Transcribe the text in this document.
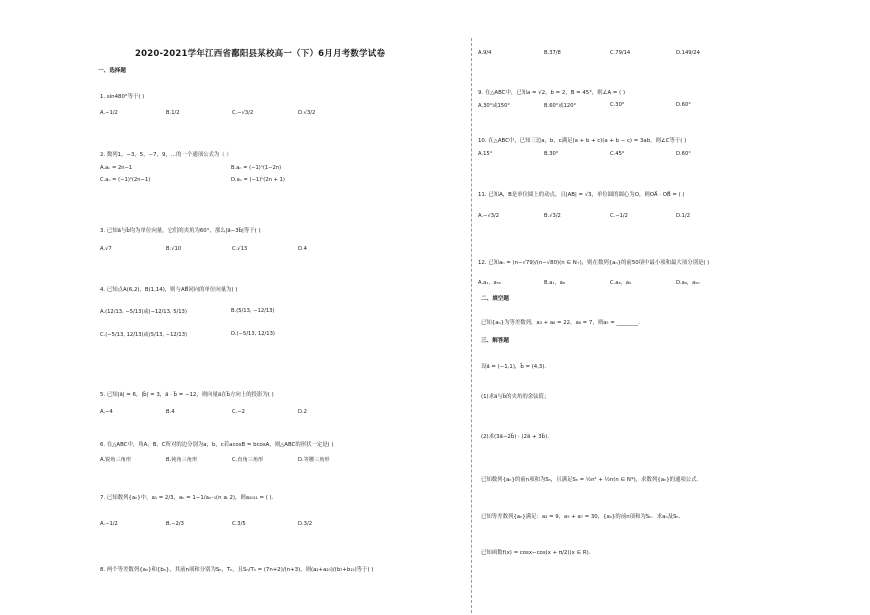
2020-2021学年江西省鄱阳县某校高一（下）6月月考数学试卷
一、选择题
1. sin480°等于( )
A.−1/2	B.1/2	C.−√3/2	D.√3/2
2. 数列1，−3，5，−7，9，…的一个通项公式为（ ）
A.aₙ = 2n−1	B.aₙ = (−1)ⁿ(1−2n)
C.aₙ = (−1)ⁿ(2n−1)	D.aₙ = (−1)ⁿ(2n + 1)
3. 已知a⃗与b⃗均为单位向量，它们的夹角为60°，那么|a⃗−3b⃗|等于( )
A.√7	B.√10	C.√13	D.4
4. 已知点A(6,2)，B(1,14)，则与AB⃗同向的单位向量为( )
A.(12/13, −5/13)或(−12/13, 5/13)	B.(5/13, −12/13)
C.(−5/13, 12/13)或(5/13, −12/13)	D.(−5/13, 12/13)
5. 已知|a⃗| = 6，|b⃗| = 3，a⃗ · b⃗ = −12，则向量a⃗在b⃗方向上的投影为( )
A.−4	B.4	C.−2	D.2
6. 在△ABC中，角A，B，C所对的边分别为a，b，c若acosB = bcosA，则△ABC的形状一定是( )
A.锐角三角形	B.钝角三角形	C.直角三角形	D.等腰三角形
7. 已知数列{aₙ}中，a₁ = 2/3，aₙ = 1−1/aₙ₋₁(n ≥ 2)，则a₂₀₂₁ = ( ).
A.−1/2	B.−2/3	C.3/5	D.3/2
8. 两个等差数列{aₙ}和{bₙ}，其前n项和分别为Sₙ，Tₙ，且Sₙ/Tₙ = (7n+2)/(n+3)，则(a₂+a₂₀)/(b₇+b₁₅)等于( )
A.9/4	B.37/8	C.79/14	D.149/24
9. 在△ABC中，已知a = √2，b = 2，B = 45°，则∠A = ( )
A.30°或150°	B.60°或120°	C.30°	D.60°
10. 在△ABC中，已知三边a，b，c满足(a + b + c)(a + b − c) = 3ab，则∠C等于( )
A.15°	B.30°	C.45°	D.60°
11. 已知A，B是单位圆上的动点，且|AB| = √3，单位圆的圆心为O，则OA⃗ · OB⃗ = ( )
A.−√3/2	B.√3/2	C.−1/2	D.1/2
12. 已知aₙ = (n−√79)/(n−√80)(n ∈ N₊)，则在数列{aₙ}的前50项中最小项和最大项分别是( )
A.a₁，a₅₀	B.a₁，a₈	C.a₈，a₉	D.a₉，a₅₀
二、填空题
已知{aₙ}为等差数列，a₃ + a₈ = 22，a₆ = 7，则a₅ = ________.
三、解答题
设a⃗ = (−1,1)，b⃗ = (4,3)．
(1)求a⃗与b⃗的夹角的余弦值；
(2)求(3a⃗−2b⃗) · (2a⃗ + 3b⃗)．
已知数列{aₙ}的前n项和为Sₙ，且满足Sₙ = ½n² + ½n(n ∈ N*)，求数列{aₙ}的通项公式.
已知等差数列{aₙ}满足：a₃ = 9，a₅ + a₇ = 30，{aₙ}的前n项和为Sₙ．求aₙ及Sₙ.
已知函数f(x) = cosx−cos(x + π/2)(x ∈ R)．
